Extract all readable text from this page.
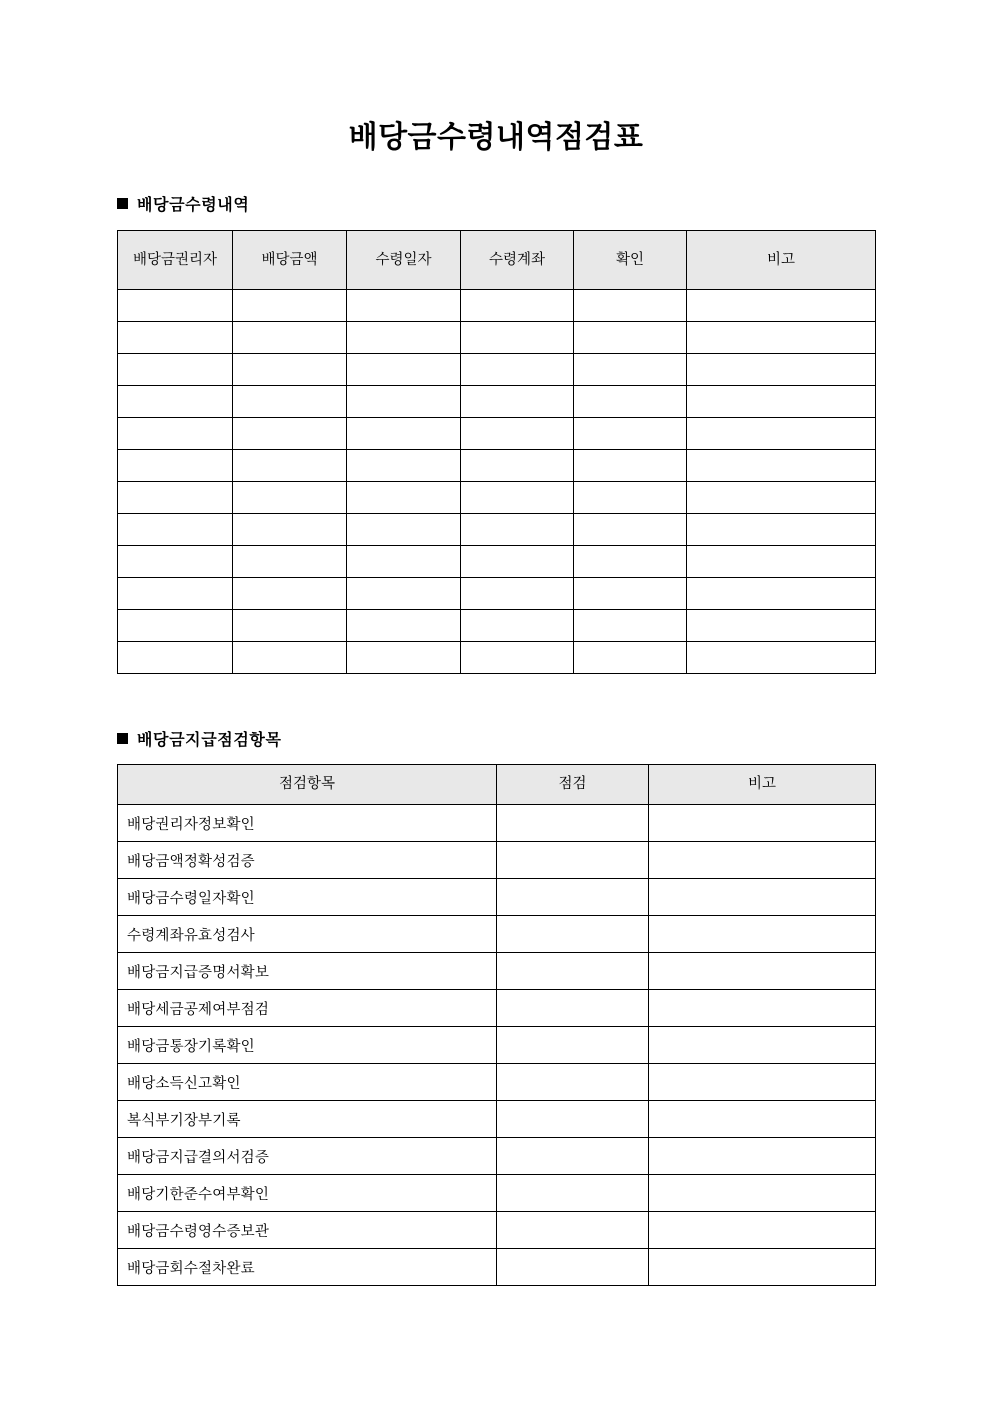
배당금수령내역점검표
배당금수령내역
배당금권리자	배당금액	수령일자	수령계좌	확인	비고

배당금지급점검항목
점검항목	점검	비고
배당권리자정보확인		
배당금액정확성검증		
배당금수령일자확인		
수령계좌유효성검사		
배당금지급증명서확보		
배당세금공제여부점검		
배당금통장기록확인		
배당소득신고확인		
복식부기장부기록		
배당금지급결의서검증		
배당기한준수여부확인		
배당금수령영수증보관		
배당금회수절차완료		
